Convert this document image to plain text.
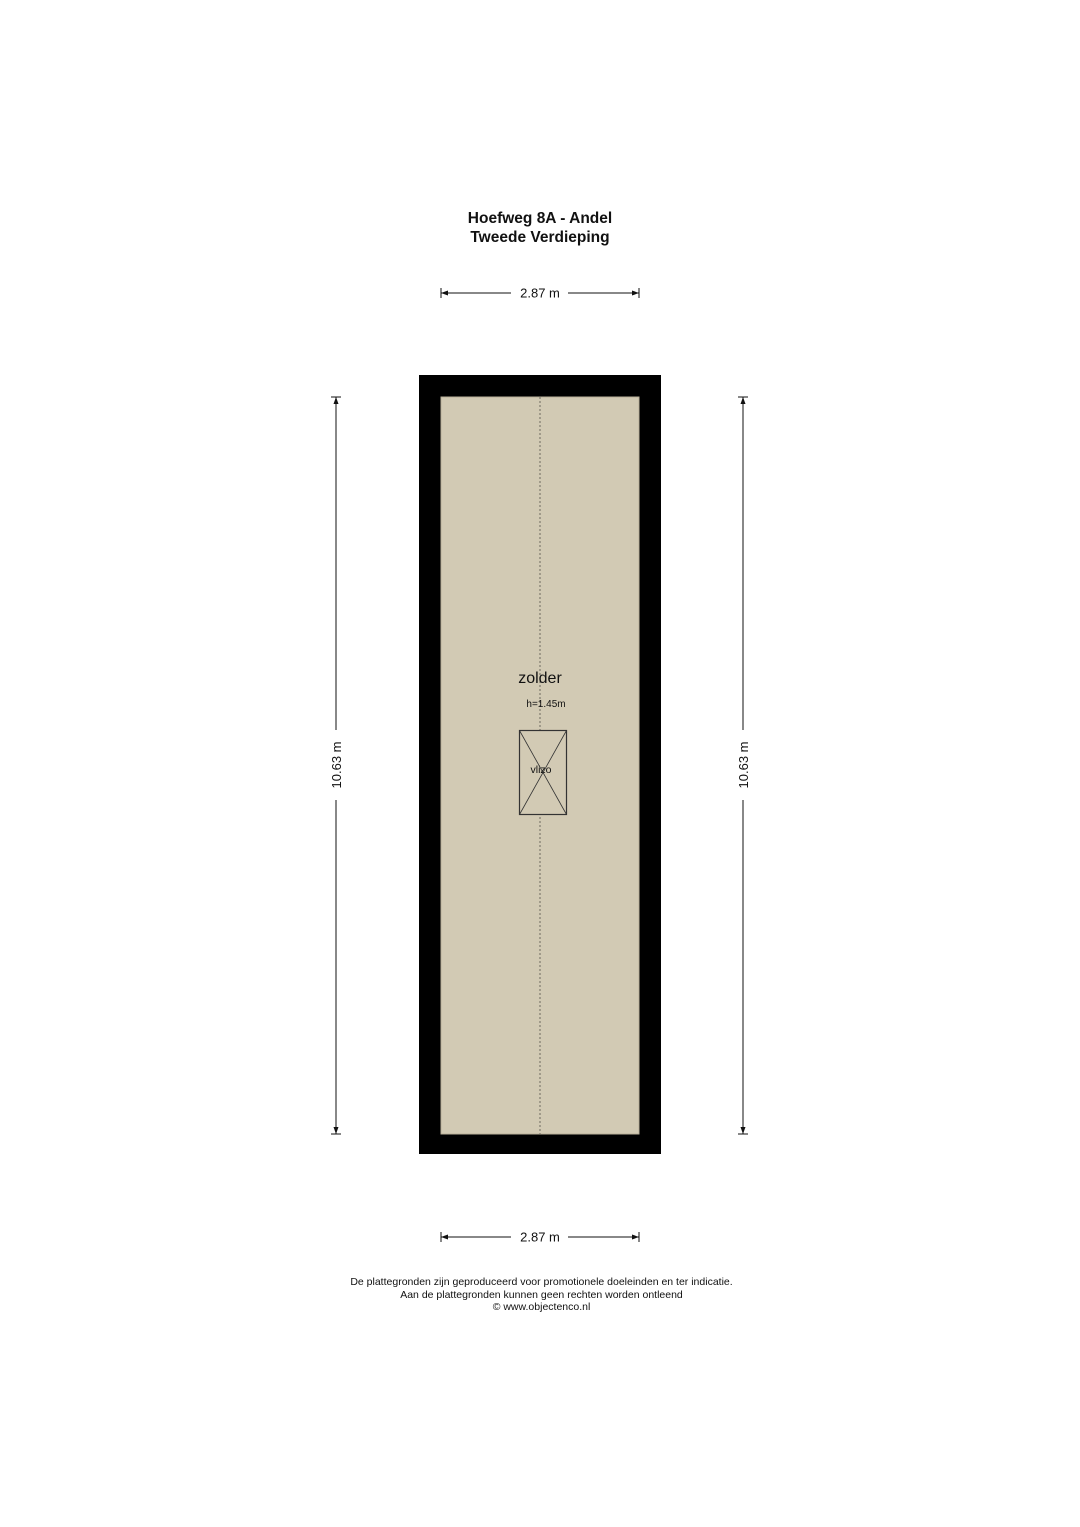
Hoefweg 8A - Andel
Tweede Verdieping
2.87 m
zolder
h=1.45m
vlizo
10.63 m	10.63 m
2.87 m
De plattegronden zijn geproduceerd voor promotionele doeleinden en ter indicatie.
Aan de plattegronden kunnen geen rechten worden ontleend
© www.objectenco.nl
